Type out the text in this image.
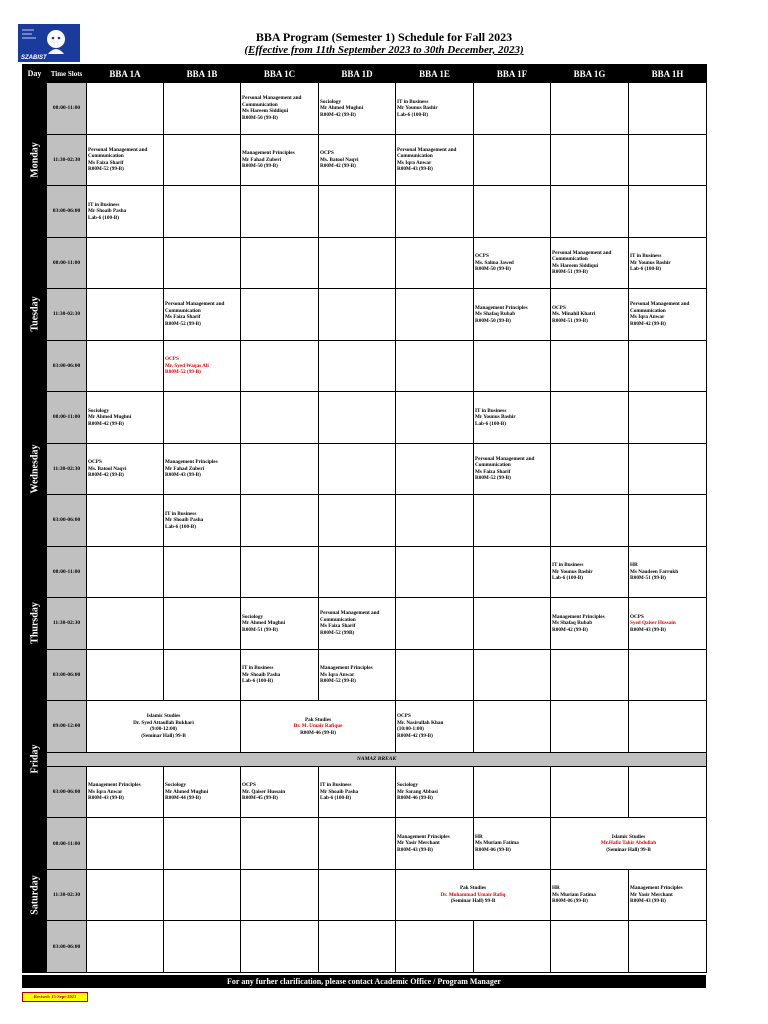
SZABIST
BBA Program (Semester 1) Schedule for Fall 2023
(Effective from 11th September 2023 to 30th December, 2023)
Day	Time Slots	BBA 1A	BBA 1B	BBA 1C	BBA 1D	BBA 1E	BBA 1F	BBA 1G	BBA 1H

Monday	08:00-11:00			Personal Management and Communication
Ms Hareem Siddiqui
R00M-50 (99-B)	Sociology
Mr Ahmed Mughni
R00M-42 (99-B)	IT in Business
Mr Younus Bashir
Lab-6 (100-B)			

	11:30-02:30	Personal Management and Communication
Ms Faiza Sharif
R00M-52 (99-B)		Management Principles
Mr Fahad Zuberi
R00M-50 (99-B)	OCPS
Ms. Batool Naqvi
R00M-42 (99-B)	Personal Management and Communication
Ms Iqra Anwar
R00M-43 (99-B)			

	03:00-06:00	IT in Business
Mr Shoaib Pasha
Lab-6 (100-B)							

Tuesday	08:00-11:00						OCPS
Ms. Salma Jawed
R00M-50 (99-B)	Personal Management and Communication
Ms Hareem Siddiqui
R00M-51 (99-B)	IT in Business
Mr Younus Bashir
Lab-6 (100-B)

	11:30-02:30		Personal Management and Communication
Ms Faiza Sharif
R00M-52 (99-B)				Management Principles
Ms Shafaq Rubab
R00M-50 (99-B)	OCPS
Ms. Minahil Khatri
R00M-51 (99-B)	Personal Management and Communication
Ms Iqra Anwar
R00M-42 (99-B)

	03:00-06:00		OCPS
Mr. Syed Waqas Ali
R00M-52 (99-B)						

Wednesday	08:00-11:00	Sociology
Mr Ahmed Mughni
R00M-42 (99-B)					IT in Business
Mr Younus Bashir
Lab-6 (100-B)		

	11:30-02:30	OCPS
Ms. Batool Naqvi
R00M-42 (99-B)	Management Principles
Mr Fahad Zuberi
R00M-43 (99-B)				Personal Management and Communication
Ms Faiza Sharif
R00M-52 (99-B)		

	03:00-06:00		IT in Business
Mr Shoaib Pasha
Lab-6 (100-B)						

Thursday	08:00-11:00							IT in Business
Mr Younus Bashir
Lab-6 (100-B)	HR
Ms Naudeen Farrukh
R00M-51 (99-B)

	11:30-02:30			Sociology
Mr Ahmed Mughni
R00M-51 (99-B)	Personal Management and Communication
Ms Faiza Sharif
R00M-52 (99B)			Management Principles
Ms Shafaq Rubab
R00M-42 (99-B)	OCPS
Syed Qaiser Hussain
R00M-43 (99-B)

	03:00-06:00			IT in Business
Mr Shoaib Pasha
Lab-6 (100-B)	Management Principles
Ms Iqra Anwar
R00M-52 (99-B)				

Friday	09:00-12:00	Islamic Studies
Dr. Syed Attaullah Bukhari
(9:00-12:00)
(Seminar Hall) 99-B		Pak Studies
Dr. M. Umair Rafique
R00M-46 (99-B)		OCPS
Mr. Nasirullah Khan
(10:00-1:00)
R00M-42 (99-B)			

	NAMAZ BREAK								
	03:00-06:00	Management Principles
Ms Iqra Anwar
R00M-43 (99-B)	Sociology
Mr Ahmed Mughni
R00M-44 (99-B)	OCPS
Mr. Qaiser Hussain
R00M-45 (99-B)	IT in Business
Mr Shoaib Pasha
Lab-6 (100-B)	Sociology
Mr Sarang Abbasi
R00M-46 (99-B)			

Saturday	08:00-11:00					Management Principles
Mr Yasir Merchant
R00M-43 (99-B)	HR
Ms Muriam Fatima
R00M-06 (99-B)	Islamic Studies
Mr.Hafiz Tahir Abdullah
(Seminar Hall) 99-B	

	11:30-02:30					Pak Studies
Dr. Muhammad Umair Rafiq
(Seminar Hall) 99-B		HR
Ms Muriam Fatima
R00M-06 (99-B)	Management Principles
Mr Yasir Merchant
R00M-43 (99-B)

	03:00-06:00								
For any furher clarification, please contact Academic Office / Program Manager
Revised: 15-Sept-2023
